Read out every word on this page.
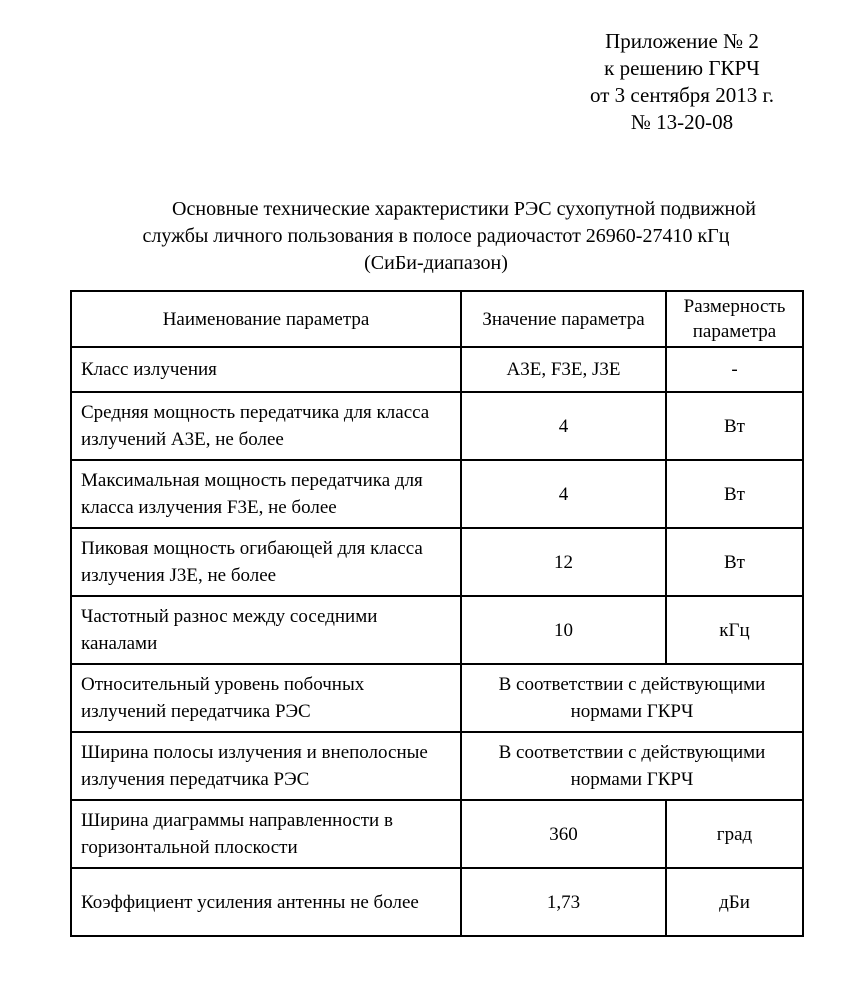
Приложение № 2
к решению ГКРЧ
от 3 сентября 2013 г.
№ 13-20-08
Основные технические характеристики РЭС сухопутной подвижной
службы личного пользования в полосе радиочастот 26960-27410 кГц
(СиБи-диапазон)
Наименование параметра	Значение параметра	Размерность параметра
Класс излучения	А3Е, F3Е, J3Е	-
Средняя мощность передатчика для класса излучений А3Е, не более	4	Вт
Максимальная мощность передатчика для класса излучения F3Е, не более	4	Вт
Пиковая мощность огибающей для класса излучения J3Е, не более	12	Вт
Частотный разнос между соседними каналами	10	кГц
Относительный уровень побочных излучений передатчика РЭС	В соответствии с действующими нормами ГКРЧ	
Ширина полосы излучения и внеполосные излучения передатчика РЭС	В соответствии с действующими нормами ГКРЧ	
Ширина диаграммы направленности в горизонтальной плоскости	360	град
Коэффициент усиления антенны не более	1,73	дБи
